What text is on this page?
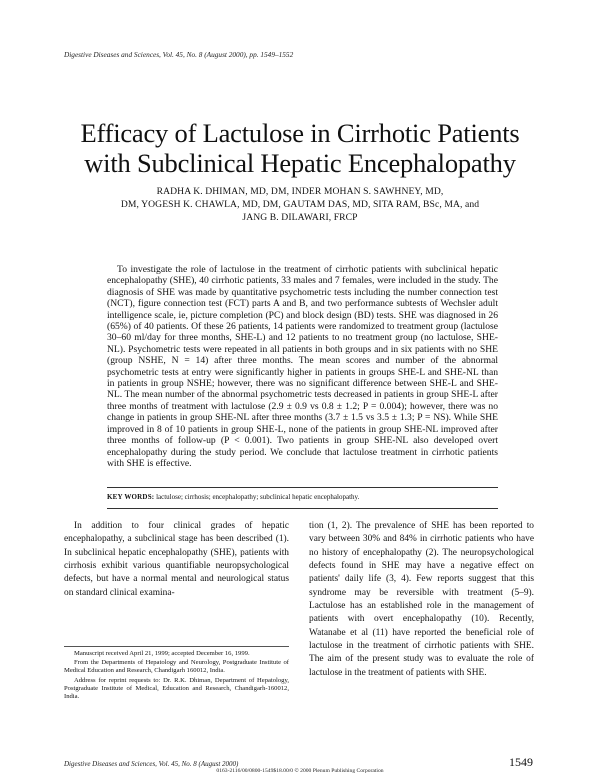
Digestive Diseases and Sciences, Vol. 45, No. 8 (August 2000), pp. 1549–1552
Efficacy of Lactulose in Cirrhotic Patients
with Subclinical Hepatic Encephalopathy
RADHA K. DHIMAN, MD, DM, INDER MOHAN S. SAWHNEY, MD,
DM, YOGESH K. CHAWLA, MD, DM, GAUTAM DAS, MD, SITA RAM, BSc, MA, and
JANG B. DILAWARI, FRCP

To investigate the role of lactulose in the treatment of cirrhotic patients with subclinical hepatic encephalopathy (SHE), 40 cirrhotic patients, 33 males and 7 females, were included in the study. The diagnosis of SHE was made by quantitative psychometric tests including the number connection test (NCT), figure connection test (FCT) parts A and B, and two performance subtests of Wechsler adult intelligence scale, ie, picture completion (PC) and block design (BD) tests. SHE was diagnosed in 26 (65%) of 40 patients. Of these 26 patients, 14 patients were randomized to treatment group (lactulose 30–60 ml/day for three months, SHE-L) and 12 patients to no treatment group (no lactulose, SHE-NL). Psychometric tests were repeated in all patients in both groups and in six patients with no SHE (group NSHE, N = 14) after three months. The mean scores and number of the abnormal psychometric tests at entry were significantly higher in patients in groups SHE-L and SHE-NL than in patients in group NSHE; however, there was no significant difference between SHE-L and SHE-NL. The mean number of the abnormal psychometric tests decreased in patients in group SHE-L after three months of treatment with lactulose (2.9 ± 0.9 vs 0.8 ± 1.2; P = 0.004); however, there was no change in patients in group SHE-NL after three months (3.7 ± 1.5 vs 3.5 ± 1.3; P = NS). While SHE improved in 8 of 10 patients in group SHE-L, none of the patients in group SHE-NL improved after three months of follow-up (P < 0.001). Two patients in group SHE-NL also developed overt encephalopathy during the study period. We conclude that lactulose treatment in cirrhotic patients with SHE is effective.

KEY WORDS: lactulose; cirrhosis; encephalopathy; subclinical hepatic encephalopathy.

In addition to four clinical grades of hepatic encephalopathy, a subclinical stage has been described (1). In subclinical hepatic encephalopathy (SHE), patients with cirrhosis exhibit various quantifiable neuropsychological defects, but have a normal mental and neurological status on standard clinical examina-

tion (1, 2). The prevalence of SHE has been reported to vary between 30% and 84% in cirrhotic patients who have no history of encephalopathy (2). The neuropsychological defects found in SHE may have a negative effect on patients' daily life (3, 4). Few reports suggest that this syndrome may be reversible with treatment (5–9). Lactulose has an established role in the management of patients with overt encephalopathy (10). Recently, Watanabe et al (11) have reported the beneficial role of lactulose in the treatment of cirrhotic patients with SHE. The aim of the present study was to evaluate the role of lactulose in the treatment of patients with SHE.

Manuscript received April 21, 1999; accepted December 16, 1999.

From the Departments of Hepatology and Neurology, Postgraduate Institute of Medical Education and Research, Chandigarh 160012, India.

Address for reprint requests to: Dr. R.K. Dhiman, Department of Hepatology, Postgraduate Institute of Medical, Education and Research, Chandigarh-160012, India.

Digestive Diseases and Sciences, Vol. 45, No. 8 (August 2000)	1549
0163-2116/00/0800-1549$18.00/0 © 2000 Plenum Publishing Corporation
